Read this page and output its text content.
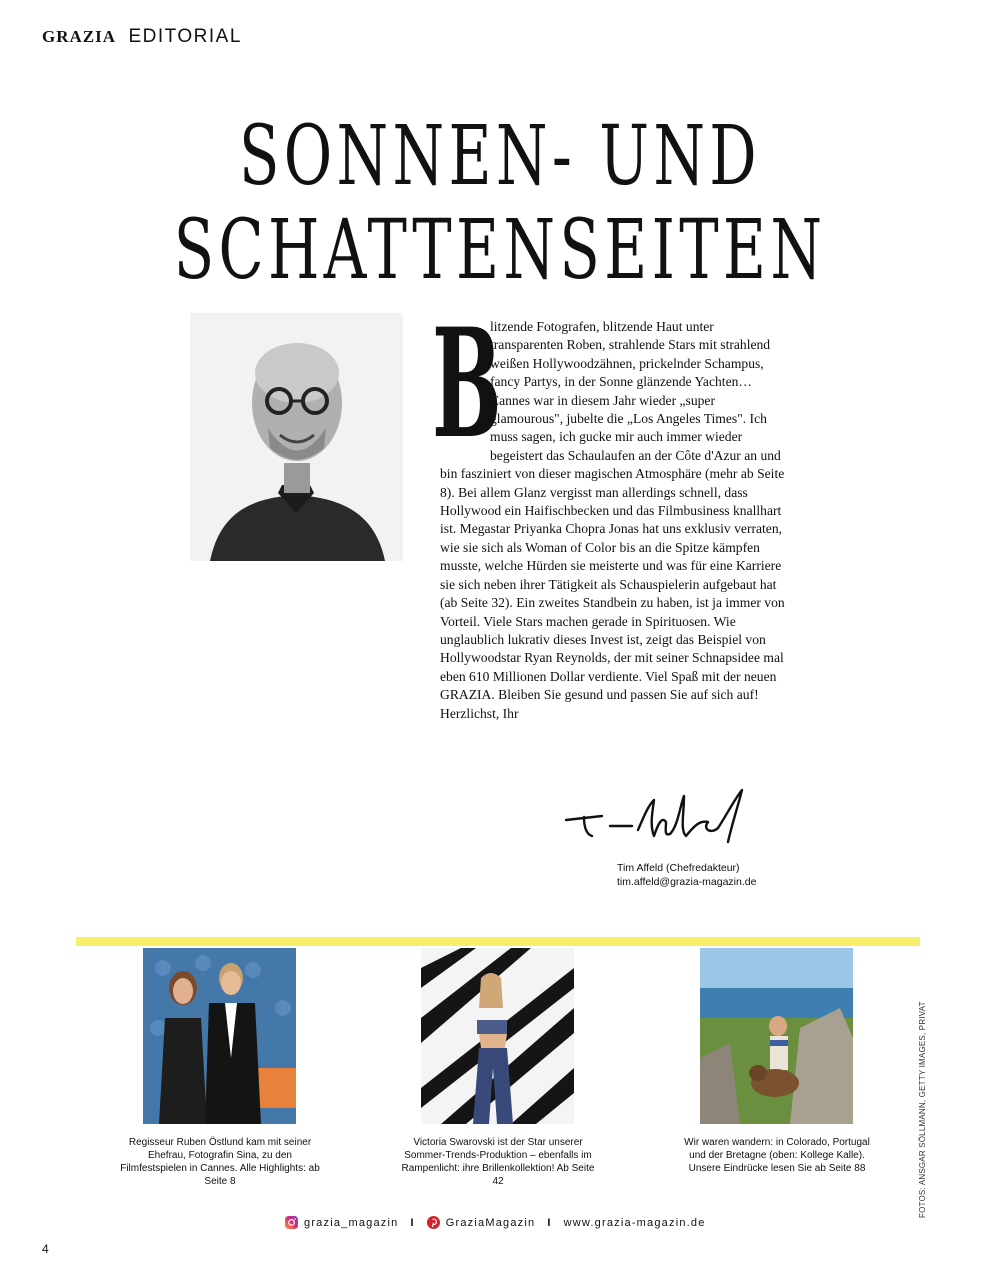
GRAZIA EDITORIAL
SONNEN- UND
SCHATTENSEITEN
B
litzende Fotografen, blitzende Haut unter transparenten Roben, strahlende Stars mit strahlend weißen Hollywoodzähnen, prickelnder Schampus, fancy Partys, in der Sonne glänzende Yachten… Cannes war in diesem Jahr wieder „super glamourous", jubelte die „Los Angeles Times". Ich muss sagen, ich gucke mir auch immer wieder begeistert das Schaulaufen an der Côte d'Azur an und bin fasziniert von dieser magischen Atmosphäre (mehr ab Seite 8). Bei allem Glanz vergisst man allerdings schnell, dass Hollywood ein Haifischbecken und das Filmbusiness knallhart ist. Megastar Priyanka Chopra Jonas hat uns exklusiv verraten, wie sie sich als Woman of Color bis an die Spitze kämpfen musste, welche Hürden sie meisterte und was für eine Karriere sie sich neben ihrer Tätigkeit als Schauspielerin aufgebaut hat (ab Seite 32). Ein zweites Standbein zu haben, ist ja immer von Vorteil. Viele Stars machen gerade in Spirituosen. Wie unglaublich lukrativ dieses Invest ist, zeigt das Beispiel von Hollywoodstar Ryan Reynolds, der mit seiner Schnapsidee mal eben 610 Millionen Dollar verdiente. Viel Spaß mit der neuen GRAZIA. Bleiben Sie gesund und passen Sie auf sich auf! Herzlichst, Ihr
Tim Affeld (Chefredakteur)
tim.affeld@grazia-magazin.de
Regisseur Ruben Östlund kam mit seiner Ehefrau, Fotografin Sina, zu den Filmfestspielen in Cannes. Alle Highlights: ab Seite 8
Victoria Swarovski ist der Star unserer Sommer-Trends-Produktion – ebenfalls im Rampenlicht: ihre Brillenkollektion! Ab Seite 42
Wir waren wandern: in Colorado, Portugal und der Bretagne (oben: Kollege Kalle). Unsere Eindrücke lesen Sie ab Seite 88	FOTOS: ANSGAR SÖLLMANN, GETTY IMAGES, PRIVAT
grazia_magazin I	GraziaMagazin I www.grazia-magazin.de
4
